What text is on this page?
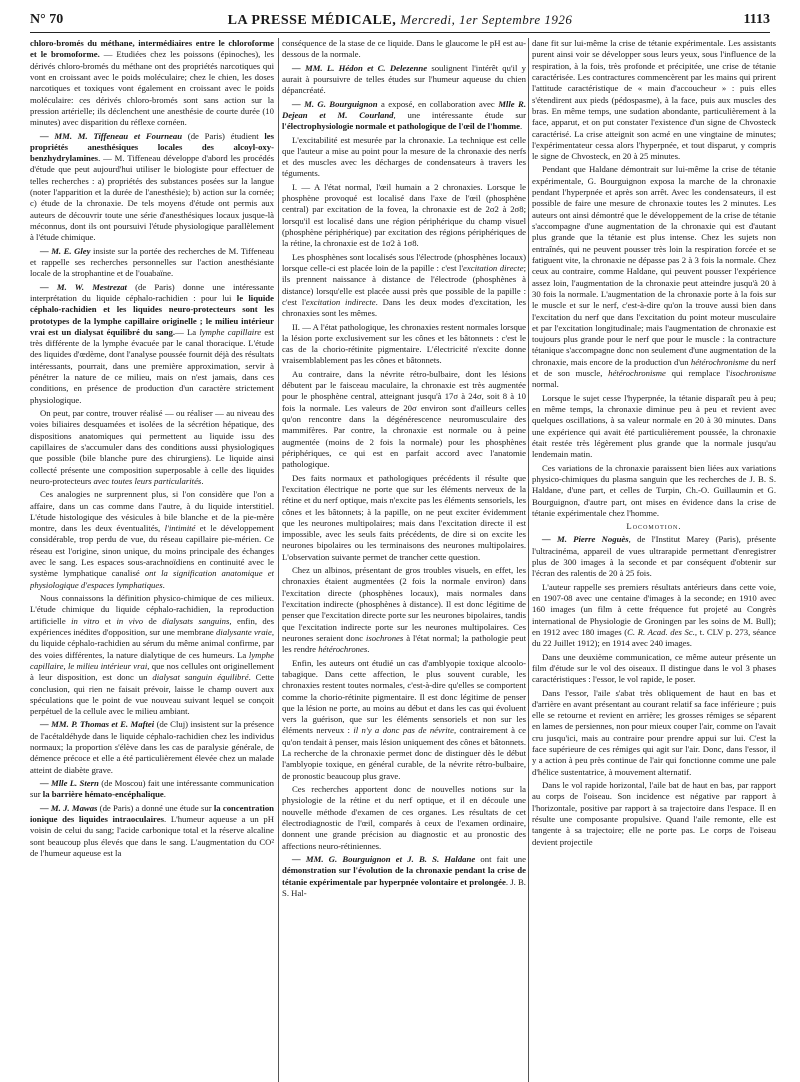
N° 70	LA PRESSE MÉDICALE, Mercredi, 1er Septembre 1926	1113

chloro-bromés du méthane, intermédiaires entre le chloroforme et le bromoforme. — Etudiées chez les poissons (épinoches), les dérivés chloro-bromés du méthane ont des propriétés narcotiques qui vont en croissant avec le poids moléculaire; chez le chien, les doses narcotiques et toxiques vont également en croissant avec le poids moléculaire: ces dérivés chloro-bromés sont sans action sur la pression artérielle; ils déclenchent une anesthésie de courte durée (10 minutes) avec disparition du réflexe cornéen.

— MM. M. Tiffeneau et Fourneau (de Paris) étudient les propriétés anesthésiques locales des alcoyl-oxy-benzhydrylamines. — M. Tiffeneau développe d'abord les procédés d'étude que peut aujourd'hui utiliser le biologiste pour effectuer de telles recherches : a) propriétés des substances posées sur la langue (noter l'apparition et la durée de l'anesthésie); b) action sur la cornée; c) étude de la chronaxie. De tels moyens d'étude ont permis aux auteurs de découvrir toute une série d'anesthésiques locaux jusque-là méconnus, dont ils ont poursuivi l'étude physiologique parallèlement à l'étude chimique.

— M. E. Gley insiste sur la portée des recherches de M. Tiffeneau et rappelle ses recherches personnelles sur l'action anesthésiante locale de la strophantine et de l'ouabaïne.

— M. W. Mestrezat (de Paris) donne une intéressante interprétation du liquide céphalo-rachidien : pour lui le liquide céphalo-rachidien et les liquides neuro-protecteurs sont les prototypes de la lymphe capillaire originelle ; le milieu intérieur vrai est un dialysat équilibré du sang.— La lymphe capillaire est très différente de la lymphe évacuée par le canal thoracique. L'étude des liquides d'œdème, dont l'analyse poussée fournit déjà des résultats intéressants, pourrait, dans une première approximation, servir à pénétrer la nature de ce milieu, mais on n'est jamais, dans ces conditions, en présence de production d'un caractère strictement physiologique.

On peut, par contre, trouver réalisé — ou réaliser — au niveau des voies biliaires desquamées et isolées de la sécrétion hépatique, des dispositions anatomiques qui permettent au liquide issu des capillaires de s'accumuler dans des conditions aussi physiologiques que possible (bile blanche pure des chirurgiens). Le liquide ainsi collecté présente une composition superposable à celle des liquides neuro-protecteurs avec toutes leurs particularités.

Ces analogies ne surprennent plus, si l'on considère que l'on a affaire, dans un cas comme dans l'autre, à du liquide interstitiel. L'étude histologique des vésicules à bile blanche et de la pie-mère montre, dans les deux éventualités, l'intimité et le développement considérable, trop perdu de vue, du réseau capillaire pie-mérien. Ce réseau est l'origine, sinon unique, du moins principale des échanges avec le sang. Les espaces sous-arachnoïdiens en continuité avec le système lymphatique canalisé ont la signification anatomique et physiologique d'espaces lymphatiques.

Nous connaissons la définition physico-chimique de ces milieux. L'étude chimique du liquide céphalo-rachidien, la reproduction artificielle in vitro et in vivo de dialysats sanguins, enfin, des expériences inédites d'opposition, sur une membrane dialysante vraie, du liquide céphalo-rachidien au sérum du même animal confirme, par des voies différentes, la nature dialytique de ces humeurs. La lymphe capillaire, le milieu intérieur vrai, que nos cellules ont originellement à leur disposition, est donc un dialysat sanguin équilibré. Cette conclusion, qui rien ne faisait prévoir, laisse le champ ouvert aux spéculations que le point de vue nouveau suivant lequel se conçoit perpétuel de la cellule avec le milieu ambiant.

— MM. P. Thomas et E. Maftei (de Cluj) insistent sur la présence de l'acétaldéhyde dans le liquide céphalo-rachidien chez les individus normaux; la proportion s'élève dans les cas de paralysie générale, de démence précoce et elle a été particulièrement élevée chez un malade atteint de diabète grave.

— Mlle L. Stern (de Moscou) fait une intéressante communication sur la barrière hémato-encéphalique.

— M. J. Mawas (de Paris) a donné une étude sur la concentration ionique des liquides intraoculaires. L'humeur aqueuse a un pH voisin de celui du sang; l'acide carbonique total et la réserve alcaline sont beaucoup plus élevés que dans le sang. L'augmentation du CO² de l'humeur aqueuse est la

conséquence de la stase de ce liquide. Dans le glaucome le pH est au-dessous de la normale.

— MM. L. Hédon et C. Delezenne soulignent l'intérêt qu'il y aurait à poursuivre de telles études sur l'humeur aqueuse du chien dépancréaté.

— M. G. Bourguignon a exposé, en collaboration avec Mlle R. Dejean et M. Courland, une intéressante étude sur l'électrophysiologie normale et pathologique de l'œil de l'homme.

L'excitabilité est mesurée par la chronaxie. La technique est celle que l'auteur a mise au point pour la mesure de la chronaxie des nerfs et des muscles avec les décharges de condensateurs à travers les téguments.

I. — A l'état normal, l'œil humain a 2 chronaxies. Lorsque le phosphène provoqué est localisé dans l'axe de l'œil (phosphène central) par excitation de la fovea, la chronaxie est de 2σ2 à 2σ8; lorsqu'il est localisé dans une région périphérique du champ visuel (phosphène périphérique) par excitation des régions périphériques de la rétine, la chronaxie est de 1σ2 à 1σ8.

Les phosphènes sont localisés sous l'électrode (phosphènes locaux) lorsque celle-ci est placée loin de la papille : c'est l'excitation directe; ils prennent naissance à distance de l'électrode (phosphènes à distance) lorsqu'elle est placée aussi près que possible de la papille : c'est l'excitation indirecte. Dans les deux modes d'excitation, les chronaxies sont les mêmes.

II. — A l'état pathologique, les chronaxies restent normales lorsque la lésion porte exclusivement sur les cônes et les bâtonnets : c'est le cas de la chorio-rétinite pigmentaire. L'électricité n'excite donne vraisemblablement pas les cônes et bâtonnets.

Au contraire, dans la névrite rétro-bulbaire, dont les lésions débutent par le faisceau maculaire, la chronaxie est très augmentée pour le phosphène central, atteignant jusqu'à 17σ à 24σ, soit 8 à 10 fois la normale. Les valeurs de 20σ environ sont d'ailleurs celles qu'on rencontre dans la dégénérescence neuromusculaire des mammifères. Par contre, la chronaxie est normale ou à peine augmentée (moins de 2 fois la normale) pour les phosphènes périphériques, ce qui est en parfait accord avec l'anatomie pathologique.

Des faits normaux et pathologiques précédents il résulte que l'excitation électrique ne porte que sur les éléments nerveux de la rétine et du nerf optique, mais n'excite pas les éléments sensoriels, les cônes et les bâtonnets; à la papille, on ne peut exciter évidemment que les neurones multipolaires; mais dans l'excitation directe il est impossible, avec les seuls faits précédents, de dire si on excite les neurones bipolaires ou les terminaisons des neurones multipolaires. L'observation suivante permet de trancher cette question.

Chez un albinos, présentant de gros troubles visuels, en effet, les chronaxies étaient augmentées (2 fois la normale environ) dans l'excitation directe (phosphènes locaux), mais normales dans l'excitation indirecte (phosphènes à distance). Il est donc légitime de penser que l'excitation directe porte sur les neurones bipolaires, tandis que l'excitation indirecte porte sur les neurones multipolaires. Ces neurones seraient donc isochrones à l'état normal; la pathologie peut les rendre hétérochrones.

Enfin, les auteurs ont étudié un cas d'amblyopie toxique alcoolo-tabagique. Dans cette affection, le plus souvent curable, les chronaxies restent toutes normales, c'est-à-dire qu'elles se comportent comme la chorio-rétinite pigmentaire. Il est donc légitime de penser que la lésion ne porte, au moins au début et dans les cas qui évoluent vers la guérison, que sur les éléments sensoriels et non sur les éléments nerveux : il n'y a donc pas de névrite, contrairement à ce qu'on tendait à penser, mais lésion uniquement des cônes et bâtonnets. La recherche de la chronaxie permet donc de distinguer dès le début l'amblyopie toxique, en général curable, de la névrite rétro-bulbaire, de pronostic beaucoup plus grave.

Ces recherches apportent donc de nouvelles notions sur la physiologie de la rétine et du nerf optique, et il en découle une nouvelle méthode d'examen de ces organes. Les résultats de cet électrodiagnostic de l'œil, comparés à ceux de l'examen ordinaire, donnent une grande précision au diagnostic et au pronostic des affections neuro-rétiniennes.

— MM. G. Bourguignon et J. B. S. Haldane ont fait une démonstration sur l'évolution de la chronaxie pendant la crise de tétanie expérimentale par hyperpnée volontaire et prolongée. J. B. S. Hal-

dane fit sur lui-même la crise de tétanie expérimentale. Les assistants purent ainsi voir se développer sous leurs yeux, sous l'influence de la respiration, à la fois, très profonde et précipitée, une crise de tétanie caractérisée. Les contractures commencèrent par les mains qui prirent l'attitude caractéristique de « main d'accoucheur » : puis elles s'étendirent aux pieds (pédospasme), à la face, puis aux muscles des bras. En même temps, une sudation abondante, particulièrement à la face, apparut, et on put constater l'existence d'un signe de Chvosteck caractérisé. La crise atteignit son acmé en une vingtaine de minutes; l'expérimentateur cessa alors l'hyperpnée, et tout disparut, y compris le signe de Chvosteck, en 20 à 25 minutes.

Pendant que Haldane démontrait sur lui-même la crise de tétanie expérimentale, G. Bourguignon exposa la marche de la chronaxie pendant l'hyperpnée et après son arrêt. Avec les condensateurs, il est possible de faire une mesure de chronaxie toutes les 2 minutes. Les auteurs ont ainsi démontré que le développement de la crise de tétanie s'accompagne d'une augmentation de la chronaxie qui est d'autant plus grande que la tétanie est plus intense. Chez les sujets non entraînés, qui ne peuvent pousser très loin la respiration forcée et se fatiguent vite, la chronaxie ne dépasse pas 2 à 3 fois la normale. Chez ceux au contraire, comme Haldane, qui peuvent pousser l'expérience assez loin, l'augmentation de la chronaxie peut atteindre jusqu'à 20 à 30 fois la normale. L'augmentation de la chronaxie porte à la fois sur le muscle et sur le nerf, c'est-à-dire qu'on la trouve aussi bien dans l'excitation du nerf que dans l'excitation du point moteur musculaire et par l'excitation longitudinale; mais l'augmentation de chronaxie est toujours plus grande pour le nerf que pour le muscle : la contracture tétanique s'accompagne donc non seulement d'une augmentation de la chronaxie, mais encore de la production d'un hétérochronisme du nerf et de son muscle, hétérochronisme qui remplace l'isochronisme normal.

Lorsque le sujet cesse l'hyperpnée, la tétanie disparaît peu à peu; en même temps, la chronaxie diminue peu à peu et revient avec quelques oscillations, à sa valeur normale en 20 à 30 minutes. Dans une expérience qui avait été particulièrement poussée, la chronaxie était restée très légèrement plus grande que la normale jusqu'au lendemain matin.

Ces variations de la chronaxie paraissent bien liées aux variations physico-chimiques du plasma sanguin que les recherches de J. B. S. Haldane, d'une part, et celles de Turpin, Ch.-O. Guillaumin et G. Bourguignon, d'autre part, ont mises en évidence dans la crise de tétanie expérimentale chez l'homme.

Locomotion.

— M. Pierre Noguès, de l'Institut Marey (Paris), présente l'ultracinéma, appareil de vues ultrarapide permettant d'enregistrer plus de 300 images à la seconde et par conséquent d'obtenir sur l'écran des ralentis de 20 à 25 fois.

L'auteur rappelle ses premiers résultats antérieurs dans cette voie, en 1907-08 avec une centaine d'images à la seconde; en 1910 avec 160 images (un film à cette fréquence fut projeté au Congrès international de Physiologie de Groningen par les soins de M. Bull); en 1912 avec 180 images (C. R. Acad. des Sc., t. CLV p. 273, séance du 22 Juillet 1912); en 1914 avec 240 images.

Dans une deuxième communication, ce même auteur présente un film d'étude sur le vol des oiseaux. Il distingue dans le vol 3 phases caractéristiques : l'essor, le vol rapide, le poser.

Dans l'essor, l'aile s'abat très obliquement de haut en bas et d'arrière en avant présentant au courant relatif sa face inférieure ; puis elle se retourne et revient en arrière; les grosses rémiges se séparent en lames de persiennes, non pour mieux couper l'air, comme on l'avait cru jusqu'ici, mais au contraire pour prendre appui sur lui. C'est la face supérieure de ces rémiges qui agit sur l'air. Donc, dans l'essor, il y a action à peu près continue de l'air qui fonctionne comme une pale d'hélice sustentatrice, à mouvement alternatif.

Dans le vol rapide horizontal, l'aile bat de haut en bas, par rapport au corps de l'oiseau. Son incidence est négative par rapport à l'horizontale, positive par rapport à sa trajectoire dans l'espace. Il en résulte une composante propulsive. Quand l'aile remonte, elle est tangente à sa trajectoire; elle ne porte pas. Le corps de l'oiseau devient projectile
